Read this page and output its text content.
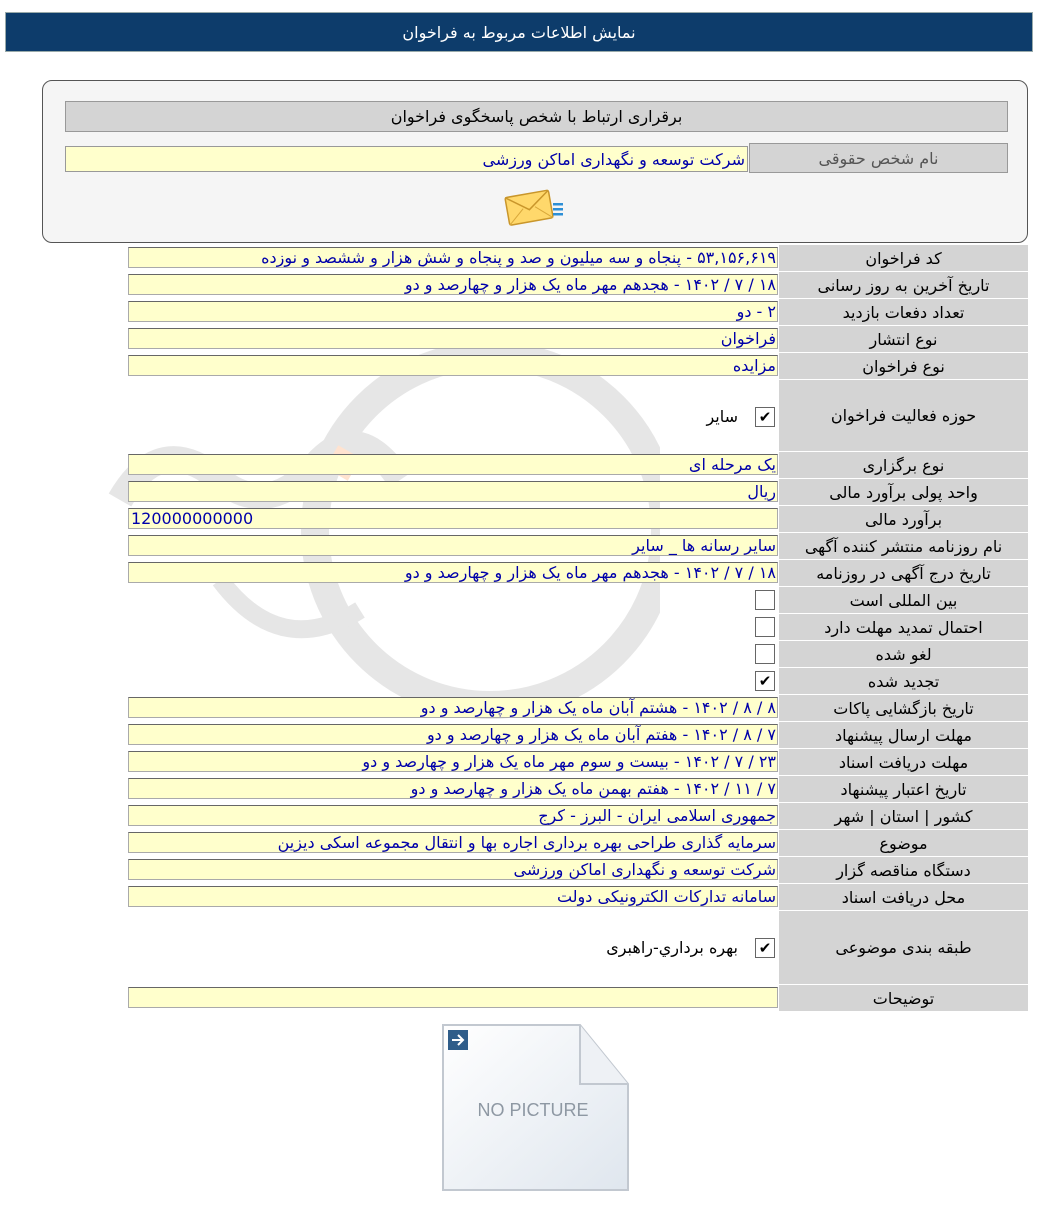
نمایش اطلاعات مربوط به فراخوان
برقراری ارتباط با شخص پاسخگوی فراخوان
نام شخص حقوقی
شرکت توسعه و نگهداری اماکن ورزشی
کد فراخوان
۵۳,۱۵۶,۶۱۹ - پنجاه و سه میلیون و صد و پنجاه و شش هزار و ششصد و نوزده
تاریخ آخرین به روز رسانی
۱۸ / ۷ / ۱۴۰۲ - هجدهم مهر ماه یک هزار و چهارصد و دو
تعداد دفعات بازدید
۲ - دو
نوع انتشار
فراخوان
نوع فراخوان
مزایده
حوزه فعالیت فراخوان
✔
سایر
نوع برگزاری
یک مرحله ای
واحد پولی برآورد مالی
ریال
برآورد مالی
120000000000
نام روزنامه منتشر کننده آگهی
سایر رسانه ها _ سایر
تاریخ درج آگهی در روزنامه
۱۸ / ۷ / ۱۴۰۲ - هجدهم مهر ماه یک هزار و چهارصد و دو
بین المللی است
احتمال تمدید مهلت دارد
لغو شده
تجدید شده
✔
تاریخ بازگشایی پاکات
۸ / ۸ / ۱۴۰۲ - هشتم آبان ماه یک هزار و چهارصد و دو
مهلت ارسال پیشنهاد
۷ / ۸ / ۱۴۰۲ - هفتم آبان ماه یک هزار و چهارصد و دو
مهلت دریافت اسناد
۲۳ / ۷ / ۱۴۰۲ - بیست و سوم مهر ماه یک هزار و چهارصد و دو
تاریخ اعتبار پیشنهاد
۷ / ۱۱ / ۱۴۰۲ - هفتم بهمن ماه یک هزار و چهارصد و دو
کشور | استان | شهر
جمهوری اسلامی ایران - البرز - کرج
موضوع
سرمایه گذاری طراحی بهره برداری اجاره بها و انتقال مجموعه اسکی دیزین
دستگاه مناقصه گزار
شرکت توسعه و نگهداری اماکن ورزشی
محل دریافت اسناد
سامانه تدارکات الکترونیکی دولت
طبقه بندی موضوعی
✔
بهره برداري-راهبری
توضیحات
NO PICTURE
